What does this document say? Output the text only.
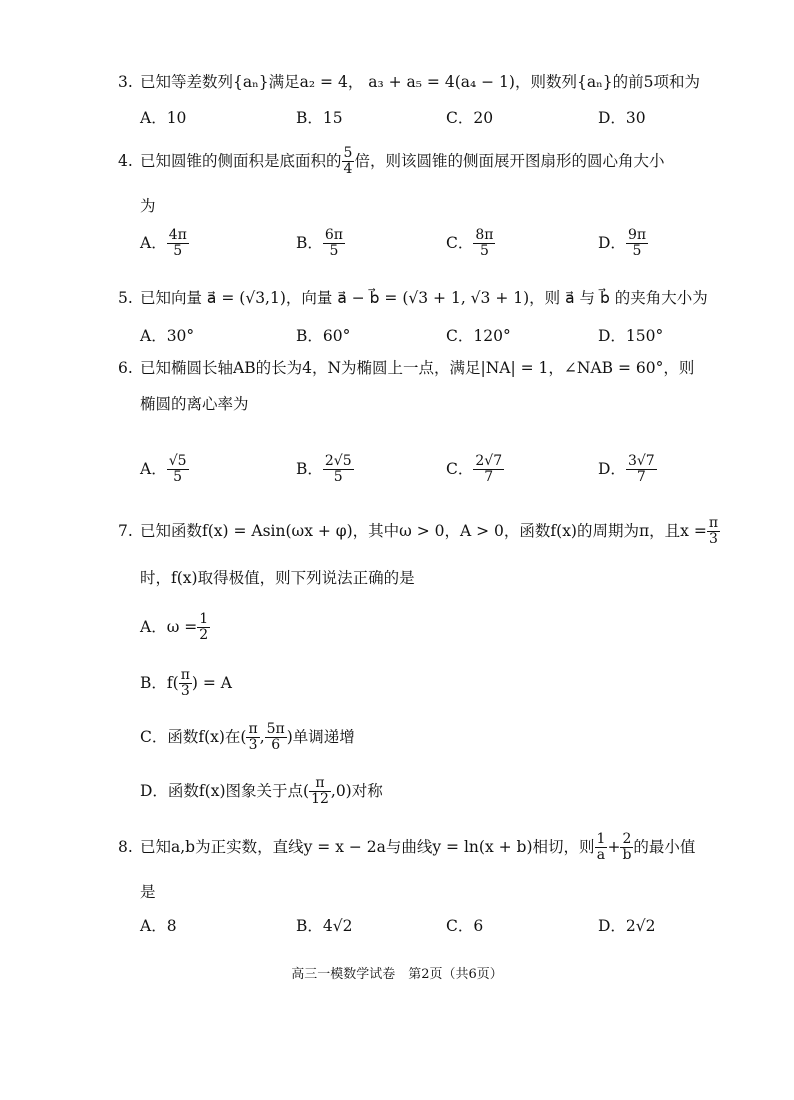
3. 已知等差数列{aₙ}满足a₂ = 4， a₃ + a₅ = 4(a₄ − 1)，则数列{aₙ}的前5项和为
A．10	B．15	C．20	D．30
4. 已知圆锥的侧面积是底面积的 $\frac{5}{4}$ 倍，则该圆锥的侧面展开图扇形的圆心角大小
为
A． $\frac{4\pi}{5}$	B． $\frac{6\pi}{5}$	C． $\frac{8\pi}{5}$	D． $\frac{9\pi}{5}$
5. 已知向量 a⃗ = (√3,1)，向量 a⃗ − b⃗ = (√3 + 1, √3 + 1)，则 a⃗ 与 b⃗ 的夹角大小为
A．30°	B．60°	C．120°	D．150°
6. 已知椭圆长轴AB的长为4，N为椭圆上一点，满足|NA| = 1，∠NAB = 60°，则
椭圆的离心率为
A． $\frac{√5}{5}$	B． $\frac{2√5}{5}$	C． $\frac{2√7}{7}$	D． $\frac{3√7}{7}$
7. 已知函数f(x) = Asin(ωx + φ)，其中ω > 0，A > 0，函数f(x)的周期为π，且$x = \frac{\pi}{3}$
时，f(x)取得极值，则下列说法正确的是
A．$\omega = \frac{1}{2}$
B．$f( \frac{\pi}{3}$ ) = A
C．函数f(x)在( $\frac{\pi}{3}$ , $\frac{5\pi}{6}$ )单调递增
D．函数f(x)图象关于点( $\frac{\pi}{12} ,0$)对称
8. 已知a,b为正实数，直线y = x − 2a与曲线y = ln(x + b)相切，则 $\frac{1}{a} + \frac{2}{b}$ 的最小值
是
A．8	B．4√2	C．6	D．2√2
高三一模数学试卷　第2页（共6页）
